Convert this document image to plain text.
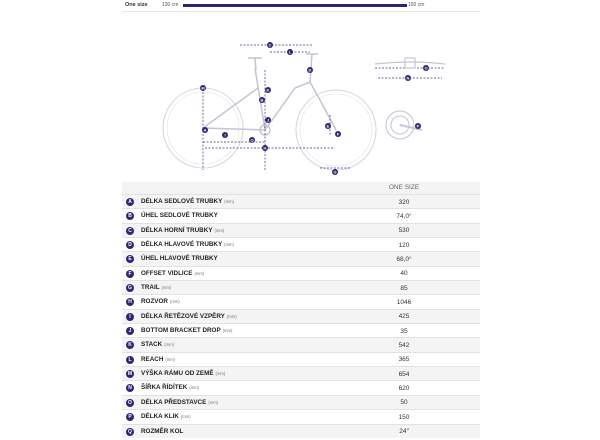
One size	130 cm	150 cm
A
B
C
D
E
F
G
H
I
J
K
L
M
N
O
P
Q
ONE SIZE
A	DÉLKA SEDLOVÉ TRUBKY (mm)	320
B	ÚHEL SEDLOVÉ TRUBKY	74,0°
C	DÉLKA HORNÍ TRUBKY (mm)	530
D	DÉLKA HLAVOVÉ TRUBKY (mm)	120
E	ÚHEL HLAVOVÉ TRUBKY	68,0°
F	OFFSET VIDLICE (mm)	40
G	TRAIL (mm)	85
H	ROZVOR (mm)	1046
I	DÉLKA ŘETĚZOVÉ VZPĚRY (mm)	425
J	BOTTOM BRACKET DROP (mm)	35
K	STACK (mm)	542
L	REACH (mm)	365
M	VÝŠKA RÁMU OD ZEMĚ (mm)	654
N	ŠÍŘKA ŘÍDÍTEK (mm)	620
O	DÉLKA PŘEDSTAVCE (mm)	50
P	DÉLKA KLIK (mm)	150
Q	ROZMĚR KOL	24″
